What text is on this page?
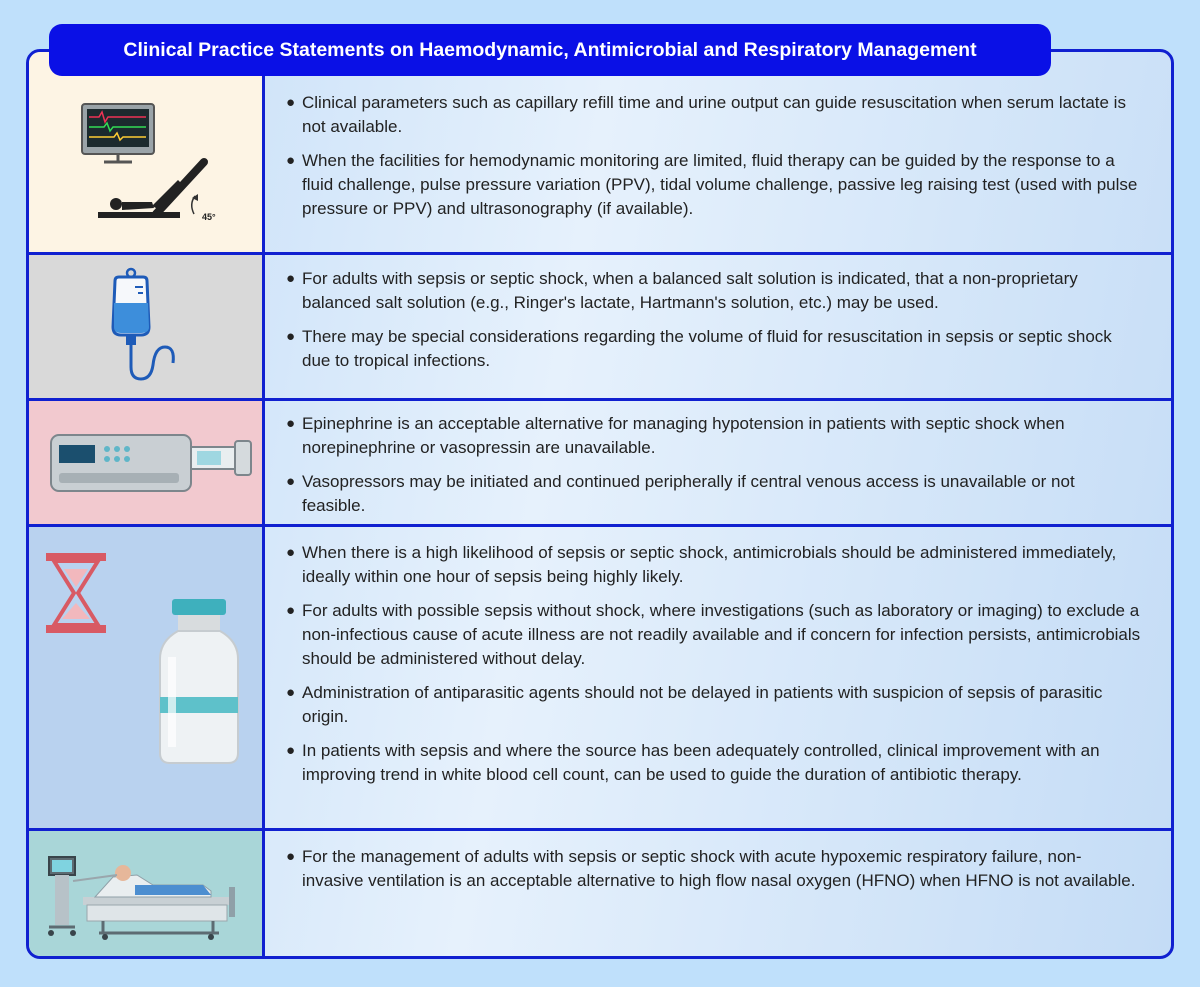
Clinical Practice Statements on Haemodynamic, Antimicrobial and Respiratory Management
45°
● Clinical parameters such as capillary refill time and urine output can guide resuscitation when serum lactate is not available.
● When the facilities for hemodynamic monitoring are limited, fluid therapy can be guided by the response to a fluid challenge, pulse pressure variation (PPV), tidal volume challenge, passive leg raising test (used with pulse pressure or PPV) and ultrasonography (if available).
● For adults with sepsis or septic shock, when a balanced salt solution is indicated, that a non-proprietary balanced salt solution (e.g., Ringer's lactate, Hartmann's solution, etc.) may be used.
● There may be special considerations regarding the volume of fluid for resuscitation in sepsis or septic shock due to tropical infections.
● Epinephrine is an acceptable alternative for managing hypotension in patients with septic shock when norepinephrine or vasopressin are unavailable.
● Vasopressors may be initiated and continued peripherally if central venous access is unavailable or not feasible.
● When there is a high likelihood of sepsis or septic shock, antimicrobials should be administered immediately, ideally within one hour of sepsis being highly likely.
● For adults with possible sepsis without shock, where investigations (such as laboratory or imaging) to exclude a non-infectious cause of acute illness are not readily available and if concern for infection persists, antimicrobials should be administered without delay.
● Administration of antiparasitic agents should not be delayed in patients with suspicion of sepsis of parasitic origin.
● In patients with sepsis and where the source has been adequately controlled, clinical improvement with an improving trend in white blood cell count, can be used to guide the duration of antibiotic therapy.
● For the management of adults with sepsis or septic shock with acute hypoxemic respiratory failure, non-invasive ventilation is an acceptable alternative to high flow nasal oxygen (HFNO) when HFNO is not available.
